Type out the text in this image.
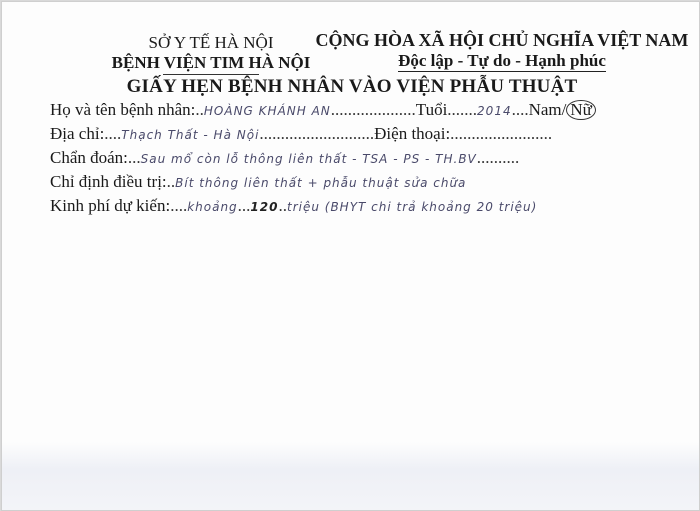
SỞ Y TẾ HÀ NỘI
BỆNH VIỆN TIM HÀ NỘI
CỘNG HÒA XÃ HỘI CHỦ NGHĨA VIỆT NAM
Độc lập - Tự do - Hạnh phúc
GIẤY HẸN BỆNH NHÂN VÀO VIỆN PHẪU THUẬT
Họ và tên bệnh nhân:..HOÀNG KHÁNH AN....................Tuổi.......2014....Nam/ Nữ
Địa chỉ:....Thạch Thất - Hà Nội...........................Điện thoại:........................
Chẩn đoán:...Sau mổ còn lỗ thông liên thất - TSA - PS - TH.BV..........
Chỉ định điều trị:..Bít thông liên thất + phẫu thuật sửa chữa
Kinh phí dự kiến:....khoảng...120..triệu (BHYT chi trả khoảng 20 triệu)
